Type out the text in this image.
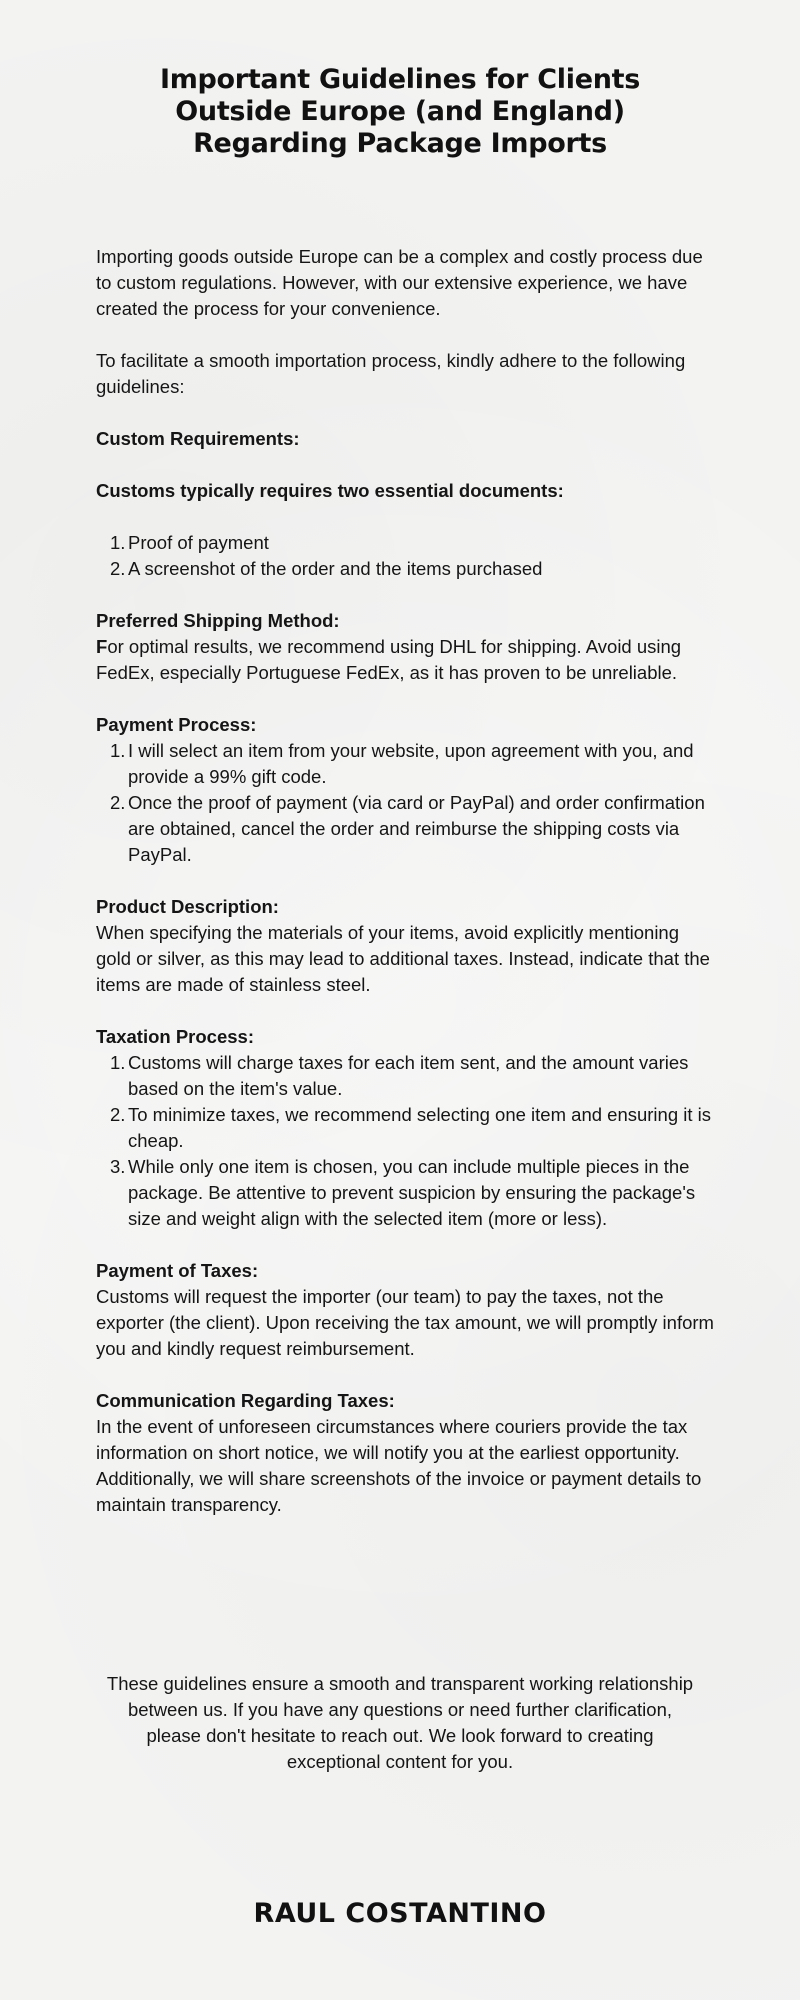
Important Guidelines for Clients
Outside Europe (and England)
Regarding Package Imports

Importing goods outside Europe can be a complex and costly process due to custom regulations. However, with our extensive experience, we have created the process for your convenience.

To facilitate a smooth importation process, kindly adhere to the following guidelines:

Custom Requirements:

Customs typically requires two essential documents:

1. Proof of payment
2. A screenshot of the order and the items purchased

Preferred Shipping Method:

For optimal results, we recommend using DHL for shipping. Avoid using FedEx, especially Portuguese FedEx, as it has proven to be unreliable.

Payment Process:

1. I will select an item from your website, upon agreement with you, and provide a 99% gift code.
2. Once the proof of payment (via card or PayPal) and order confirmation are obtained, cancel the order and reimburse the shipping costs via PayPal.

Product Description:

When specifying the materials of your items, avoid explicitly mentioning gold or silver, as this may lead to additional taxes. Instead, indicate that the items are made of stainless steel.

Taxation Process:

1. Customs will charge taxes for each item sent, and the amount varies based on the item's value.
2. To minimize taxes, we recommend selecting one item and ensuring it is cheap.
3. While only one item is chosen, you can include multiple pieces in the package. Be attentive to prevent suspicion by ensuring the package's size and weight align with the selected item (more or less).

Payment of Taxes:

Customs will request the importer (our team) to pay the taxes, not the exporter (the client). Upon receiving the tax amount, we will promptly inform you and kindly request reimbursement.

Communication Regarding Taxes:

In the event of unforeseen circumstances where couriers provide the tax information on short notice, we will notify you at the earliest opportunity. Additionally, we will share screenshots of the invoice or payment details to maintain transparency.

These guidelines ensure a smooth and transparent working relationship between us. If you have any questions or need further clarification, please don't hesitate to reach out. We look forward to creating exceptional content for you.

RAUL COSTANTINO
